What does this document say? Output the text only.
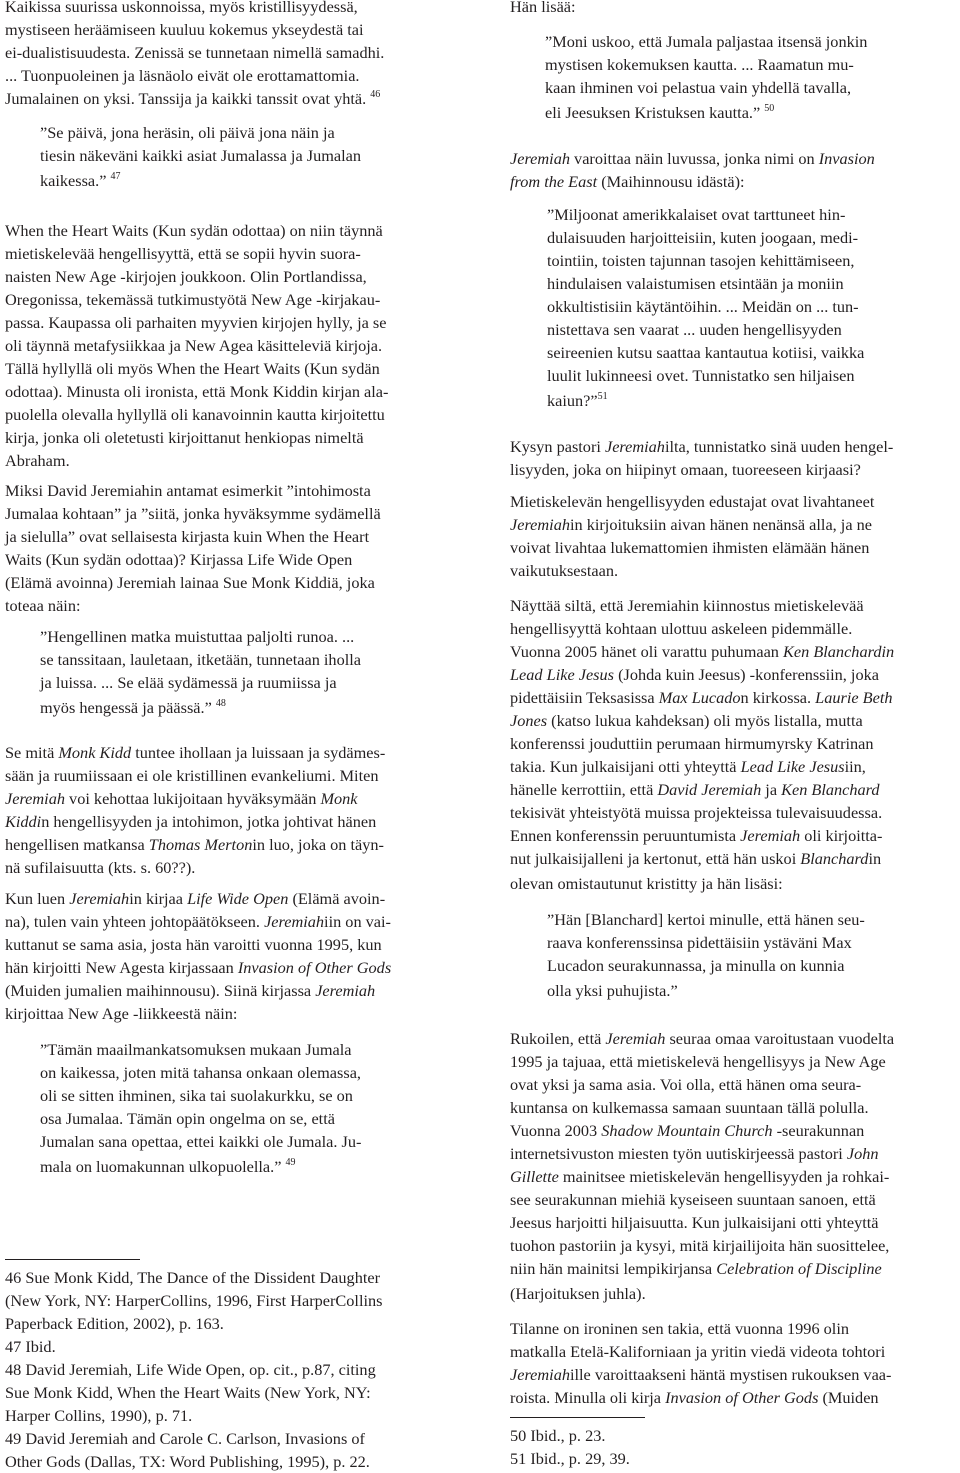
Kaikissa suurissa uskonnoissa, myös kristillisyydessä,
mystiseen heräämiseen kuuluu kokemus ykseydestä tai
ei-dualistisuudesta. Zenissä se tunnetaan nimellä samadhi.
... Tuonpuoleinen ja läsnäolo eivät ole erottamattomia.
Jumalainen on yksi. Tanssija ja kaikki tanssit ovat yhtä. $^{46}$
”Se päivä, jona heräsin, oli päivä jona näin ja
tiesin näkeväni kaikki asiat Jumalassa ja Jumalan
kaikessa.” $^{47}$
When the Heart Waits (Kun sydän odottaa) on niin täynnä
mietiskelevää hengellisyyttä, että se sopii hyvin suora-
naisten New Age -kirjojen joukkoon. Olin Portlandissa,
Oregonissa, tekemässä tutkimustyötä New Age -kirjakau-
passa. Kaupassa oli parhaiten myyvien kirjojen hylly, ja se
oli täynnä metafysiikkaa ja New Agea käsitteleviä kirjoja.
Tällä hyllyllä oli myös When the Heart Waits (Kun sydän
odottaa). Minusta oli ironista, että Monk Kiddin kirjan ala-
puolella olevalla hyllyllä oli kanavoinnin kautta kirjoitettu
kirja, jonka oli oletetusti kirjoittanut henkiopas nimeltä
Abraham.
Miksi David Jeremiahin antamat esimerkit ”intohimosta
Jumalaa kohtaan” ja ”siitä, jonka hyväksymme sydämellä
ja sielulla” ovat sellaisesta kirjasta kuin When the Heart
Waits (Kun sydän odottaa)? Kirjassa Life Wide Open
(Elämä avoinna) Jeremiah lainaa Sue Monk Kiddiä, joka
toteaa näin:
”Hengellinen matka muistuttaa paljolti runoa. ...
se tanssitaan, lauletaan, itketään, tunnetaan iholla
ja luissa. ... Se elää sydämessä ja ruumiissa ja
myös hengessä ja päässä.” $^{48}$
Se mitä Monk Kidd tuntee ihollaan ja luissaan ja sydämes-
sään ja ruumiissaan ei ole kristillinen evankeliumi. Miten
Jeremiah voi kehottaa lukijoitaan hyväksymään Monk
Kiddin hengellisyyden ja intohimon, jotka johtivat hänen
hengellisen matkansa Thomas Mertonin luo, joka on täyn-
nä sufilaisuutta (kts. s. 60??).
Kun luen Jeremiahin kirjaa Life Wide Open (Elämä avoin-
na), tulen vain yhteen johtopäätökseen. Jeremiahiin on vai-
kuttanut se sama asia, josta hän varoitti vuonna 1995, kun
hän kirjoitti New Agesta kirjassaan Invasion of Other Gods
(Muiden jumalien maihinnousu). Siinä kirjassa Jeremiah
kirjoittaa New Age -liikkeestä näin:
”Tämän maailmankatsomuksen mukaan Jumala
on kaikessa, joten mitä tahansa onkaan olemassa,
oli se sitten ihminen, sika tai suolakurkku, se on
osa Jumalaa. Tämän opin ongelma on se, että
Jumalan sana opettaa, ettei kaikki ole Jumala. Ju-
mala on luomakunnan ulkopuolella.” $^{49}$
46 Sue Monk Kidd, The Dance of the Dissident Daughter
(New York, NY: HarperCollins, 1996, First HarperCollins
Paperback Edition, 2002), p. 163.
47 Ibid.
48 David Jeremiah, Life Wide Open, op. cit., p.87, citing
Sue Monk Kidd, When the Heart Waits (New York, NY:
Harper Collins, 1990), p. 71.
49 David Jeremiah and Carole C. Carlson, Invasions of
Other Gods (Dallas, TX: Word Publishing, 1995), p. 22.
Hän lisää:
”Moni uskoo, että Jumala paljastaa itsensä jonkin
mystisen kokemuksen kautta. ... Raamatun mu-
kaan ihminen voi pelastua vain yhdellä tavalla,
eli Jeesuksen Kristuksen kautta.” $^{50}$
Jeremiah varoittaa näin luvussa, jonka nimi on Invasion
from the East (Maihinnousu idästä):
”Miljoonat amerikkalaiset ovat tarttuneet hin-
dulaisuuden harjoitteisiin, kuten joogaan, medi-
tointiin, toisten tajunnan tasojen kehittämiseen,
hindulaisen valaistumisen etsintään ja moniin
okkultistisiin käytäntöihin. ... Meidän on ... tun-
nistettava sen vaarat ... uuden hengellisyyden
seireenien kutsu saattaa kantautua kotiisi, vaikka
luulit lukinneesi ovet. Tunnistatko sen hiljaisen
kaiun?”$^{51}$
Kysyn pastori Jeremiahilta, tunnistatko sinä uuden hengel-
lisyyden, joka on hiipinyt omaan, tuoreeseen kirjaasi?
Mietiskelevän hengellisyyden edustajat ovat livahtaneet
Jeremiahin kirjoituksiin aivan hänen nenänsä alla, ja ne
voivat livahtaa lukemattomien ihmisten elämään hänen
vaikutuksestaan.
Näyttää siltä, että Jeremiahin kiinnostus mietiskelevää
hengellisyyttä kohtaan ulottuu askeleen pidemmälle.
Vuonna 2005 hänet oli varattu puhumaan Ken Blanchardin
Lead Like Jesus (Johda kuin Jeesus) -konferenssiin, joka
pidettäisiin Teksasissa Max Lucadon kirkossa. Laurie Beth
Jones (katso lukua kahdeksan) oli myös listalla, mutta
konferenssi jouduttiin perumaan hirmumyrsky Katrinan
takia. Kun julkaisijani otti yhteyttä Lead Like Jesusiin,
hänelle kerrottiin, että David Jeremiah ja Ken Blanchard
tekisivät yhteistyötä muissa projekteissa tulevaisuudessa.
Ennen konferenssin peruuntumista Jeremiah oli kirjoitta-
nut julkaisijalleni ja kertonut, että hän uskoi Blanchardin
olevan omistautunut kristitty ja hän lisäsi:
”Hän [Blanchard] kertoi minulle, että hänen seu-
raava konferenssinsa pidettäisiin ystäväni Max
Lucadon seurakunnassa, ja minulla on kunnia
olla yksi puhujista.”
Rukoilen, että Jeremiah seuraa omaa varoitustaan vuodelta
1995 ja tajuaa, että mietiskelevä hengellisyys ja New Age
ovat yksi ja sama asia. Voi olla, että hänen oma seura-
kuntansa on kulkemassa samaan suuntaan tällä polulla.
Vuonna 2003 Shadow Mountain Church -seurakunnan
internetsivuston miesten työn uutiskirjeessä pastori John
Gillette mainitsee mietiskelevän hengellisyyden ja rohkai-
see seurakunnan miehiä kyseiseen suuntaan sanoen, että
Jeesus harjoitti hiljaisuutta. Kun julkaisijani otti yhteyttä
tuohon pastoriin ja kysyi, mitä kirjailijoita hän suosittelee,
niin hän mainitsi lempikirjansa Celebration of Discipline
(Harjoituksen juhla).
Tilanne on ironinen sen takia, että vuonna 1996 olin
matkalla Etelä-Kaliforniaan ja yritin viedä videota tohtori
Jeremiahille varoittaakseni häntä mystisen rukouksen vaa-
roista. Minulla oli kirja Invasion of Other Gods (Muiden
50 Ibid., p. 23.
51 Ibid., p. 29, 39.
